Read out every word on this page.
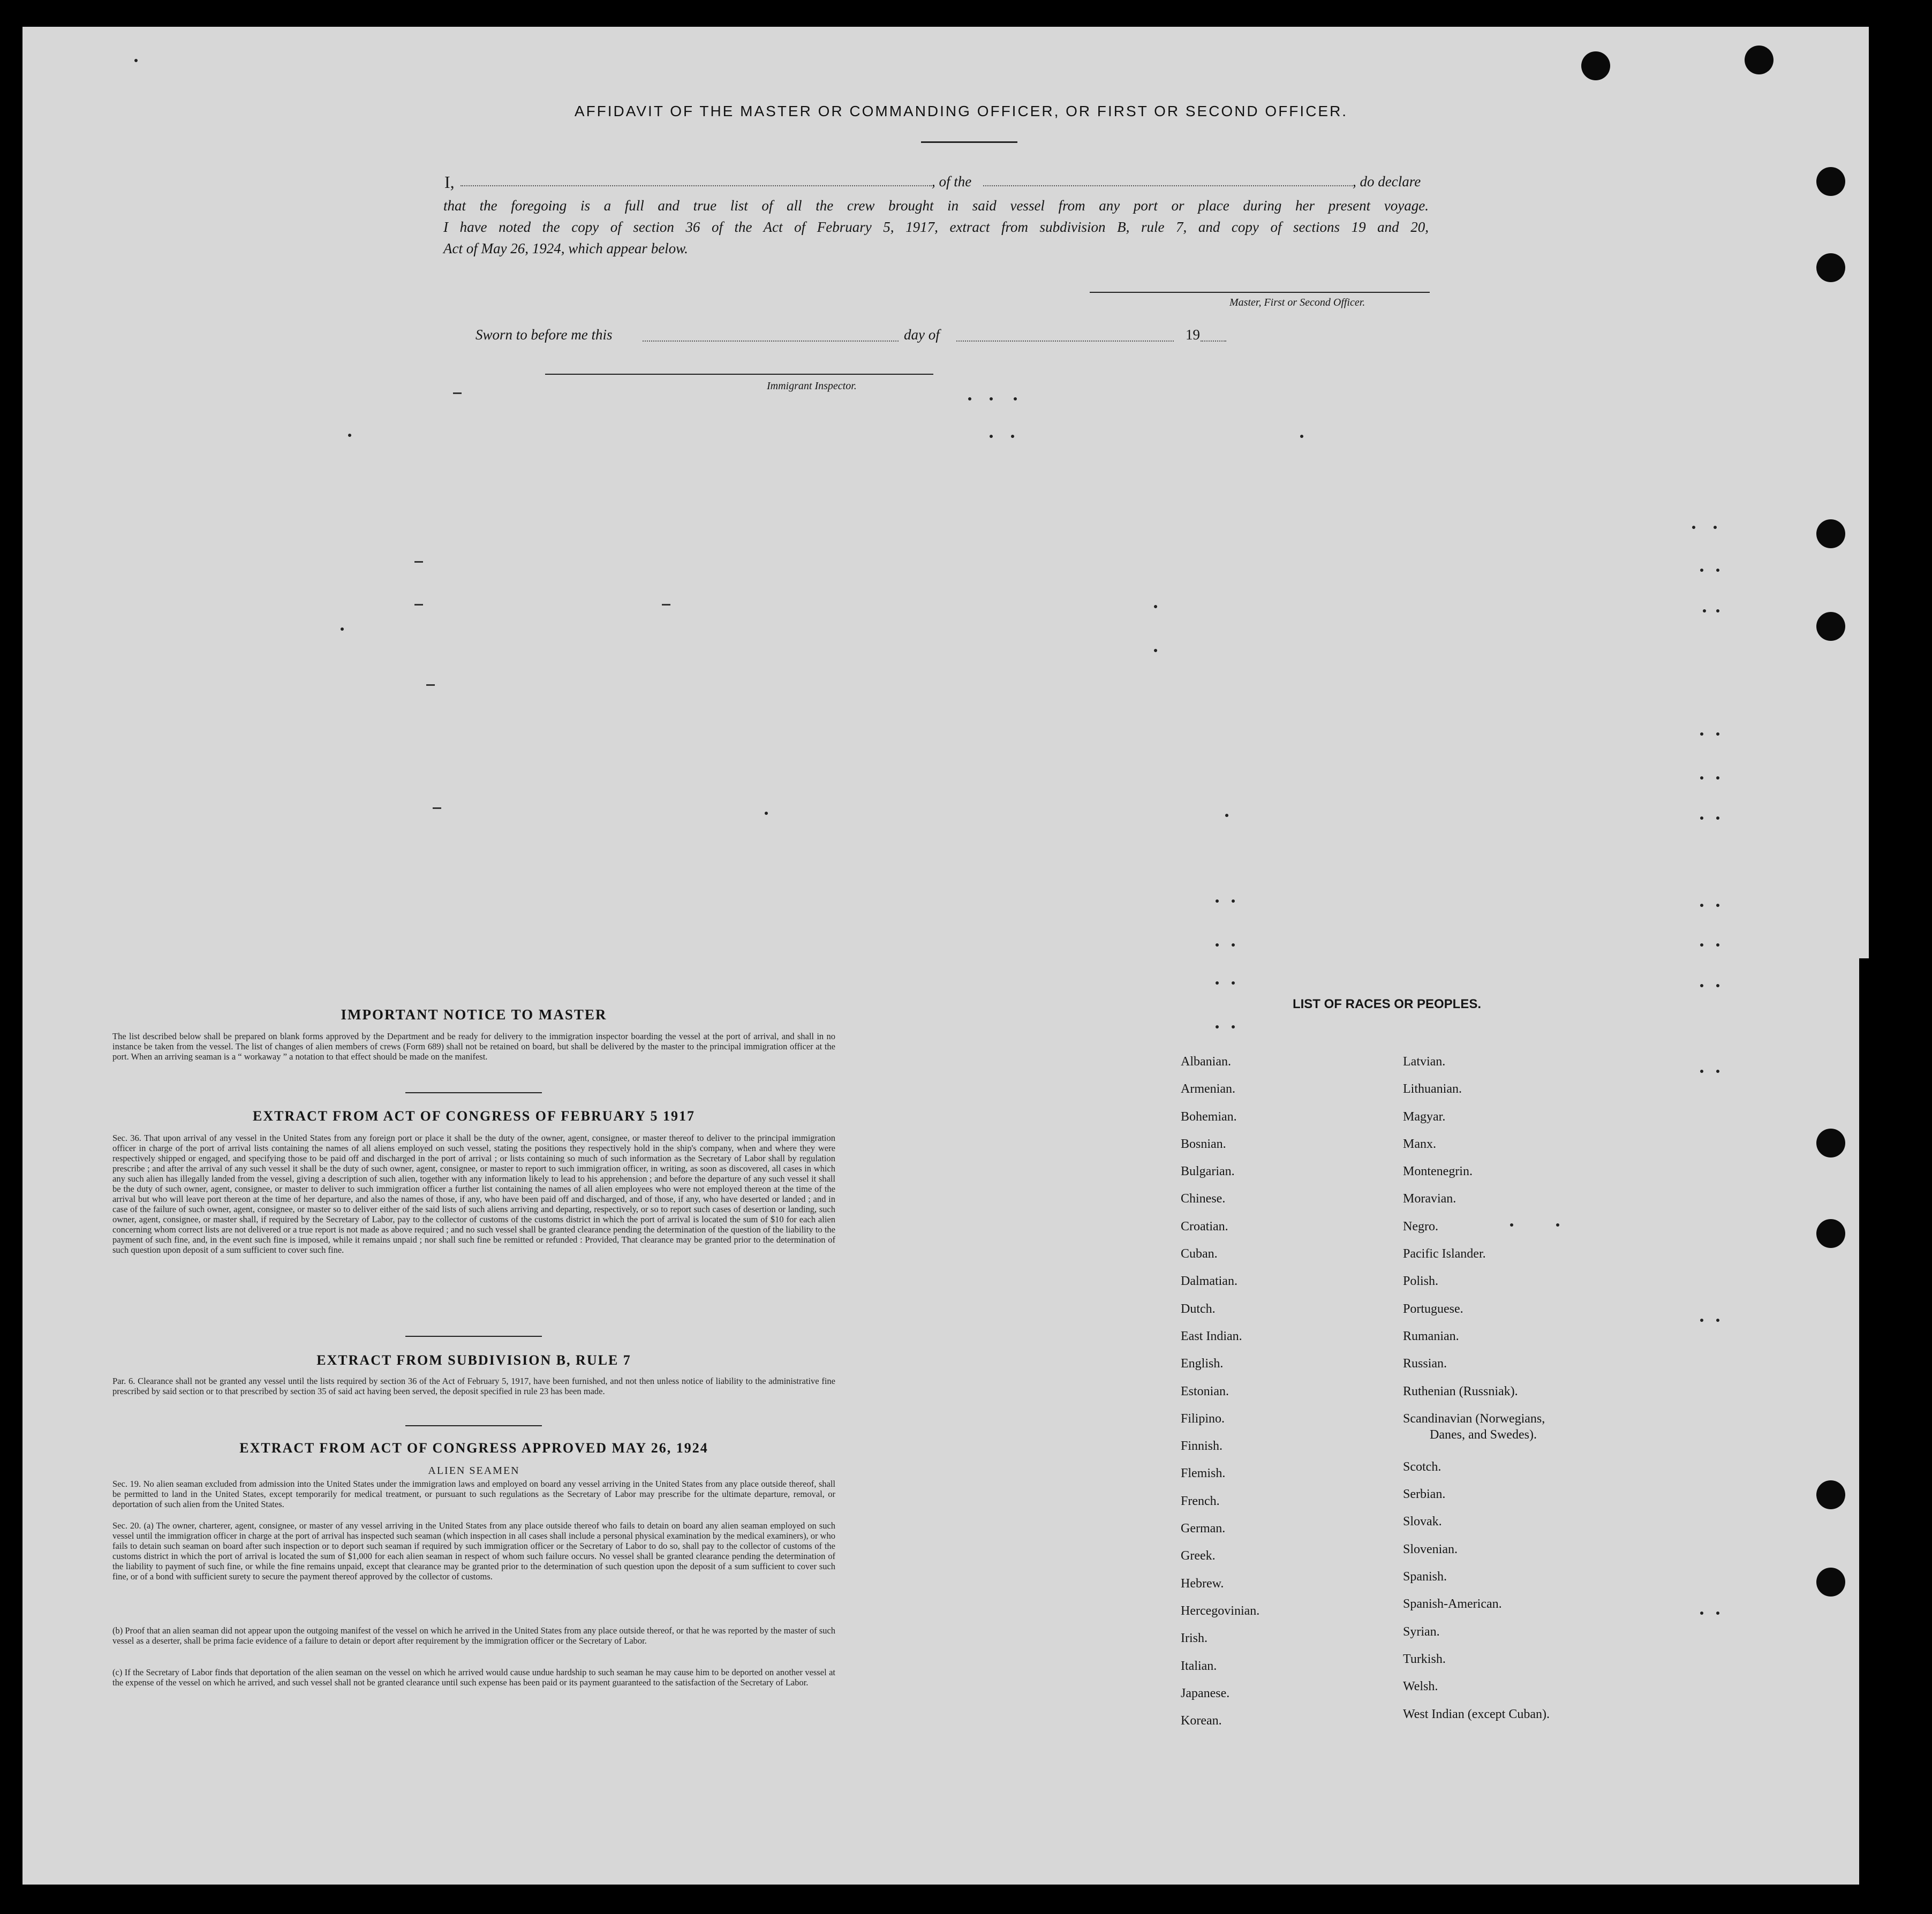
AFFIDAVIT OF THE MASTER OR COMMANDING OFFICER, OR FIRST OR SECOND OFFICER.
I,	, of the	, do declare
that the foregoing is a full and true list of all the crew brought in said vessel from any port or place during her present voyage.
I have noted the copy of section 36 of the Act of February 5, 1917, extract from subdivision B, rule 7, and copy of sections 19 and 20,
Act of May 26, 1924, which appear below.
Master, First or Second Officer.
Sworn to before me this	day of	19
Immigrant Inspector.
IMPORTANT NOTICE TO MASTER
The list described below shall be prepared on blank forms approved by the Department and be ready for delivery to the immigration inspector boarding the vessel at the port of arrival, and shall in no instance be taken from the vessel. The list of changes of alien members of crews (Form 689) shall not be retained on board, but shall be delivered by the master to the principal immigration officer at the port. When an arriving seaman is a “ workaway ” a notation to that effect should be made on the manifest.
EXTRACT FROM ACT OF CONGRESS OF FEBRUARY 5 1917
Sec. 36. That upon arrival of any vessel in the United States from any foreign port or place it shall be the duty of the owner, agent, consignee, or master thereof to deliver to the principal immigration officer in charge of the port of arrival lists containing the names of all aliens employed on such vessel, stating the positions they respectively hold in the ship's company, when and where they were respectively shipped or engaged, and specifying those to be paid off and discharged in the port of arrival ; or lists containing so much of such information as the Secretary of Labor shall by regulation prescribe ; and after the arrival of any such vessel it shall be the duty of such owner, agent, consignee, or master to report to such immigration officer, in writing, as soon as discovered, all cases in which any such alien has illegally landed from the vessel, giving a description of such alien, together with any information likely to lead to his apprehension ; and before the departure of any such vessel it shall be the duty of such owner, agent, consignee, or master to deliver to such immigration officer a further list containing the names of all alien employees who were not employed thereon at the time of the arrival but who will leave port thereon at the time of her departure, and also the names of those, if any, who have been paid off and discharged, and of those, if any, who have deserted or landed ; and in case of the failure of such owner, agent, consignee, or master so to deliver either of the said lists of such aliens arriving and departing, respectively, or so to report such cases of desertion or landing, such owner, agent, consignee, or master shall, if required by the Secretary of Labor, pay to the collector of customs of the customs district in which the port of arrival is located the sum of $10 for each alien concerning whom correct lists are not delivered or a true report is not made as above required ; and no such vessel shall be granted clearance pending the determination of the question of the liability to the payment of such fine, and, in the event such fine is imposed, while it remains unpaid ; nor shall such fine be remitted or refunded : Provided, That clearance may be granted prior to the determination of such question upon deposit of a sum sufficient to cover such fine.
EXTRACT FROM SUBDIVISION B, RULE 7
Par. 6. Clearance shall not be granted any vessel until the lists required by section 36 of the Act of February 5, 1917, have been furnished, and not then unless notice of liability to the administrative fine prescribed by said section or to that prescribed by section 35 of said act having been served, the deposit specified in rule 23 has been made.
EXTRACT FROM ACT OF CONGRESS APPROVED MAY 26, 1924
ALIEN SEAMEN
Sec. 19. No alien seaman excluded from admission into the United States under the immigration laws and employed on board any vessel arriving in the United States from any place outside thereof, shall be permitted to land in the United States, except temporarily for medical treatment, or pursuant to such regulations as the Secretary of Labor may prescribe for the ultimate departure, removal, or deportation of such alien from the United States.
Sec. 20. (a) The owner, charterer, agent, consignee, or master of any vessel arriving in the United States from any place outside thereof who fails to detain on board any alien seaman employed on such vessel until the immigration officer in charge at the port of arrival has inspected such seaman (which inspection in all cases shall include a personal physical examination by the medical examiners), or who fails to detain such seaman on board after such inspection or to deport such seaman if required by such immigration officer or the Secretary of Labor to do so, shall pay to the collector of customs of the customs district in which the port of arrival is located the sum of $1,000 for each alien seaman in respect of whom such failure occurs. No vessel shall be granted clearance pending the determination of the liability to payment of such fine, or while the fine remains unpaid, except that clearance may be granted prior to the determination of such question upon the deposit of a sum sufficient to cover such fine, or of a bond with sufficient surety to secure the payment thereof approved by the collector of customs.
(b) Proof that an alien seaman did not appear upon the outgoing manifest of the vessel on which he arrived in the United States from any place outside thereof, or that he was reported by the master of such vessel as a deserter, shall be prima facie evidence of a failure to detain or deport after requirement by the immigration officer or the Secretary of Labor.
(c) If the Secretary of Labor finds that deportation of the alien seaman on the vessel on which he arrived would cause undue hardship to such seaman he may cause him to be deported on another vessel at the expense of the vessel on which he arrived, and such vessel shall not be granted clearance until such expense has been paid or its payment guaranteed to the satisfaction of the Secretary of Labor.
LIST OF RACES OR PEOPLES.
Albanian.
Armenian.
Bohemian.
Bosnian.
Bulgarian.
Chinese.
Croatian.
Cuban.
Dalmatian.
Dutch.
East Indian.
English.
Estonian.
Filipino.
Finnish.
Flemish.
French.
German.
Greek.
Hebrew.
Hercegovinian.
Irish.
Italian.
Japanese.
Korean.
Latvian.
Lithuanian.
Magyar.
Manx.
Montenegrin.
Moravian.
Negro.
Pacific Islander.
Polish.
Portuguese.
Rumanian.
Russian.
Ruthenian (Russniak).
Scandinavian (Norwegians,
Danes, and Swedes).
Scotch.
Serbian.
Slovak.
Slovenian.
Spanish.
Spanish-American.
Syrian.
Turkish.
Welsh.
West Indian (except Cuban).
